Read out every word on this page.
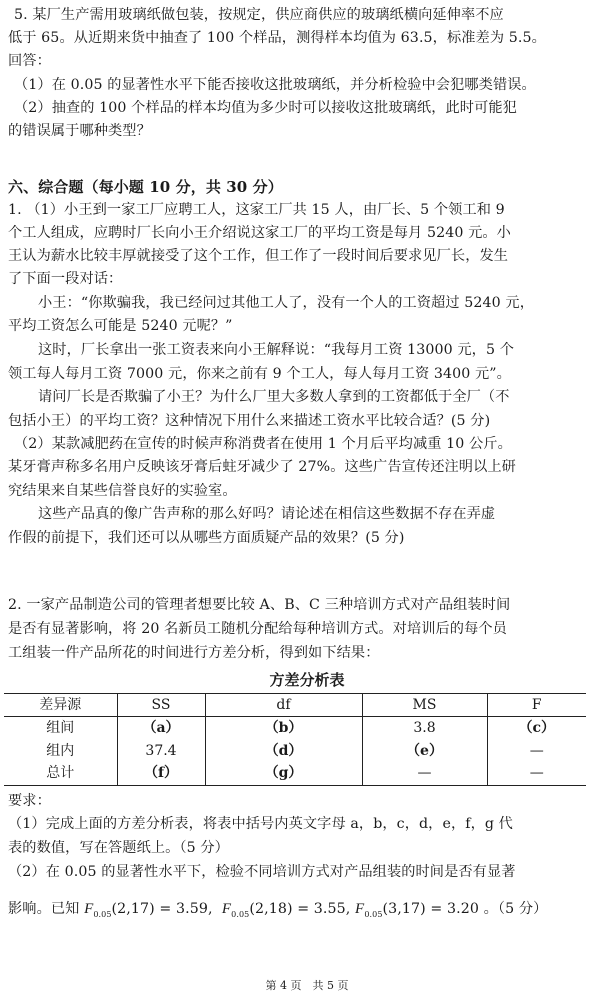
5. 某厂生产需用玻璃纸做包装，按规定，供应商供应的玻璃纸横向延伸率不应
低于 65。从近期来货中抽查了 100 个样品，测得样本均值为 63.5，标准差为 5.5。
回答：
（1）在 0.05 的显著性水平下能否接收这批玻璃纸，并分析检验中会犯哪类错误。
（2）抽查的 100 个样品的样本均值为多少时可以接收这批玻璃纸，此时可能犯
的错误属于哪种类型？
六、综合题（每小题 10 分，共 30 分）
1. （1）小王到一家工厂应聘工人，这家工厂共 15 人，由厂长、5 个领工和 9
个工人组成，应聘时厂长向小王介绍说这家工厂的平均工资是每月 5240 元。小
王认为薪水比较丰厚就接受了这个工作，但工作了一段时间后要求见厂长，发生
了下面一段对话：
小王：“你欺骗我，我已经问过其他工人了，没有一个人的工资超过 5240 元，
平均工资怎么可能是 5240 元呢？”
这时，厂长拿出一张工资表来向小王解释说：“我每月工资 13000 元，5 个
领工每人每月工资 7000 元，你来之前有 9 个工人，每人每月工资 3400 元”。
请问厂长是否欺骗了小王？为什么厂里大多数人拿到的工资都低于全厂（不
包括小王）的平均工资？这种情况下用什么来描述工资水平比较合适？(5 分)
（2）某款减肥药在宣传的时候声称消费者在使用 1 个月后平均减重 10 公斤。
某牙膏声称多名用户反映该牙膏后蛀牙减少了 27%。这些广告宣传还注明以上研
究结果来自某些信誉良好的实验室。
这些产品真的像广告声称的那么好吗？请论述在相信这些数据不存在弄虚
作假的前提下，我们还可以从哪些方面质疑产品的效果？(5 分)
2. 一家产品制造公司的管理者想要比较 A、B、C 三种培训方式对产品组装时间
是否有显著影响，将 20 名新员工随机分配给每种培训方式。对培训后的每个员
工组装一件产品所花的时间进行方差分析，得到如下结果：
方差分析表
差异源	SS	df	MS	F
组间	（a）	（b）	3.8	（c）
组内	37.4	（d）	（e）	—
总计	（f）	（g）	—	—
要求：
（1）完成上面的方差分析表，将表中括号内英文字母 a，b，c，d，e，f，g 代
表的数值，写在答题纸上。（5 分）
（2）在 0.05 的显著性水平下，检验不同培训方式对产品组装的时间是否有显著
影响。已知 $F_{0.05}(2,17) = 3.59$, $F_{0.05}(2,18) = 3.55$, $F_{0.05}(3,17) = 3.20$ 。（5 分）
第 4 页　共 5 页
